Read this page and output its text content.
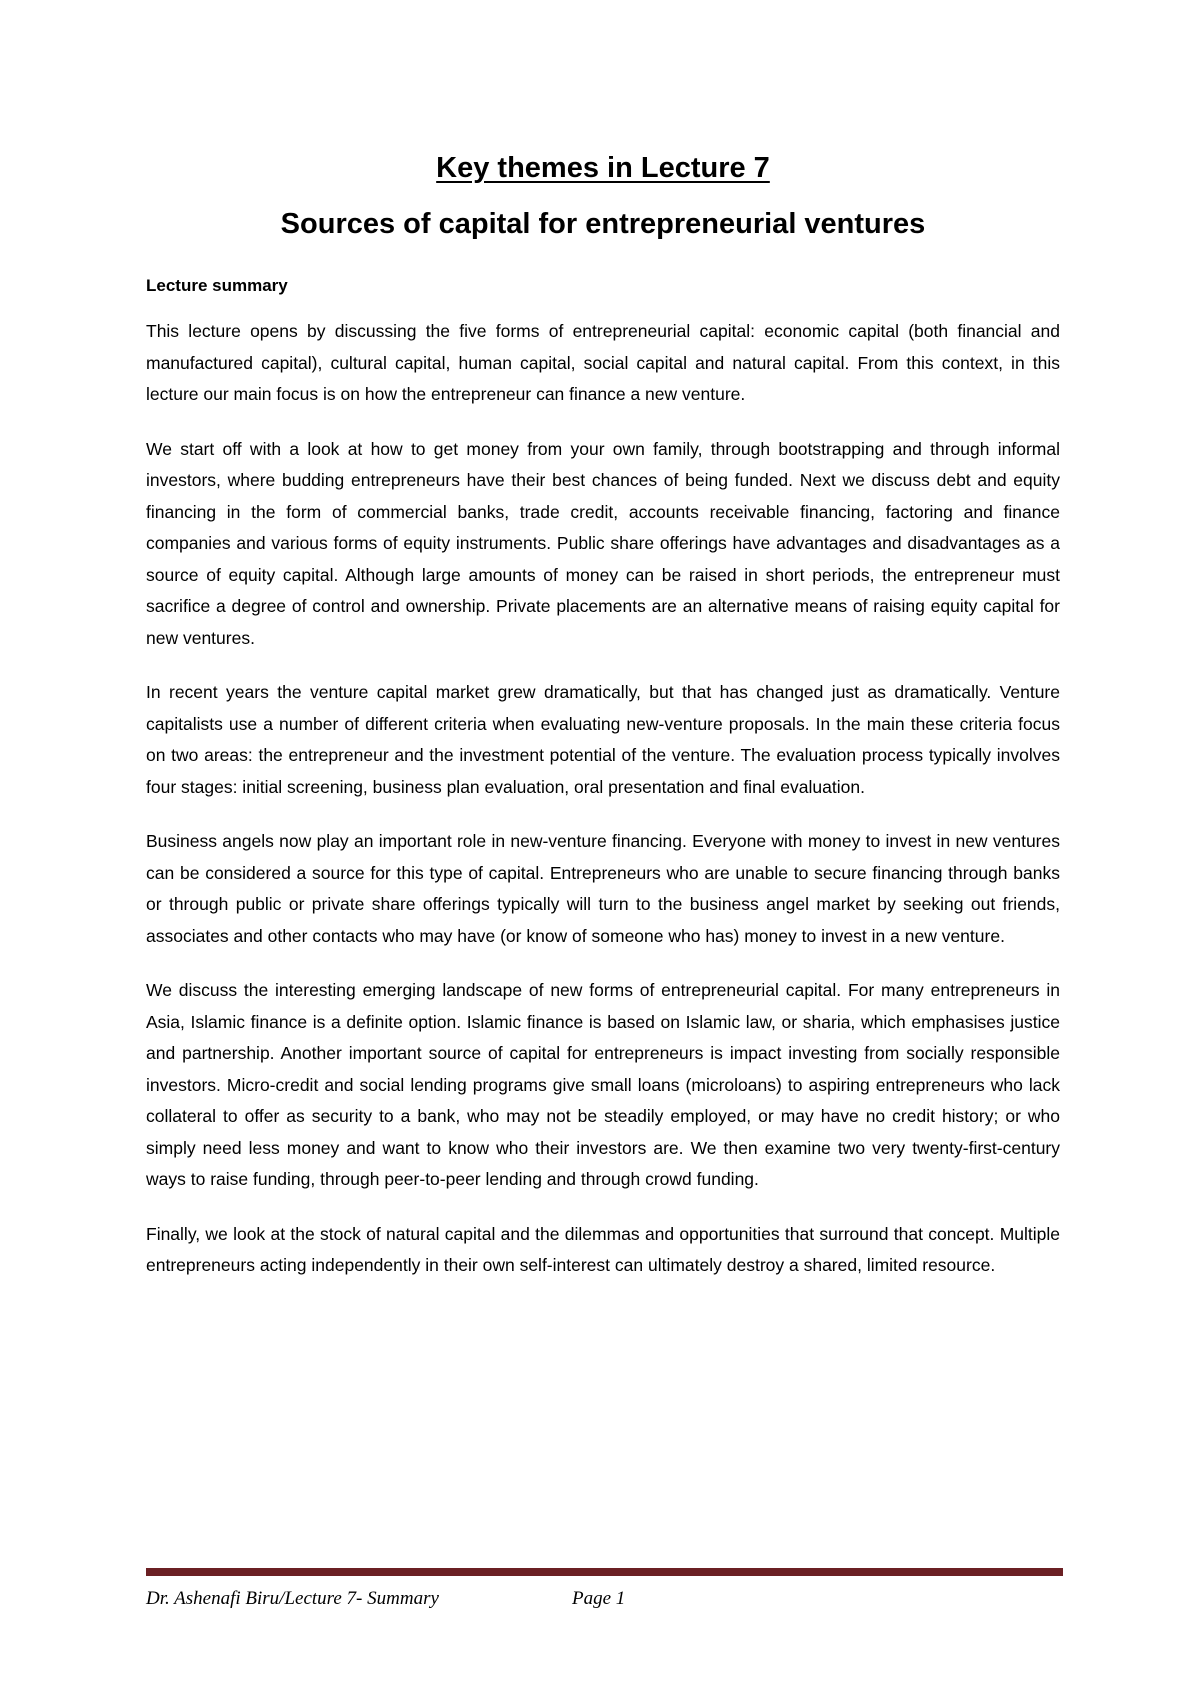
Key themes in Lecture 7
Sources of capital for entrepreneurial ventures
Lecture summary

This lecture opens by discussing the five forms of entrepreneurial capital: economic capital (both financial and manufactured capital), cultural capital, human capital, social capital and natural capital. From this context, in this lecture our main focus is on how the entrepreneur can finance a new venture.

We start off with a look at how to get money from your own family, through bootstrapping and through informal investors, where budding entrepreneurs have their best chances of being funded. Next we discuss debt and equity financing in the form of commercial banks, trade credit, accounts receivable financing, factoring and finance companies and various forms of equity instruments. Public share offerings have advantages and disadvantages as a source of equity capital. Although large amounts of money can be raised in short periods, the entrepreneur must sacrifice a degree of control and ownership. Private placements are an alternative means of raising equity capital for new ventures.

In recent years the venture capital market grew dramatically, but that has changed just as dramatically. Venture capitalists use a number of different criteria when evaluating new-venture proposals. In the main these criteria focus on two areas: the entrepreneur and the investment potential of the venture. The evaluation process typically involves four stages: initial screening, business plan evaluation, oral presentation and final evaluation.

Business angels now play an important role in new-venture financing. Everyone with money to invest in new ventures can be considered a source for this type of capital. Entrepreneurs who are unable to secure financing through banks or through public or private share offerings typically will turn to the business angel market by seeking out friends, associates and other contacts who may have (or know of someone who has) money to invest in a new venture.

We discuss the interesting emerging landscape of new forms of entrepreneurial capital. For many entrepreneurs in Asia, Islamic finance is a definite option. Islamic finance is based on Islamic law, or sharia, which emphasises justice and partnership. Another important source of capital for entrepreneurs is impact investing from socially responsible investors. Micro-credit and social lending programs give small loans (microloans) to aspiring entrepreneurs who lack collateral to offer as security to a bank, who may not be steadily employed, or may have no credit history; or who simply need less money and want to know who their investors are. We then examine two very twenty-first-century ways to raise funding, through peer-to-peer lending and through crowd funding.

Finally, we look at the stock of natural capital and the dilemmas and opportunities that surround that concept. Multiple entrepreneurs acting independently in their own self-interest can ultimately destroy a shared, limited resource.

Dr. Ashenafi Biru/Lecture 7- Summary	Page 1
